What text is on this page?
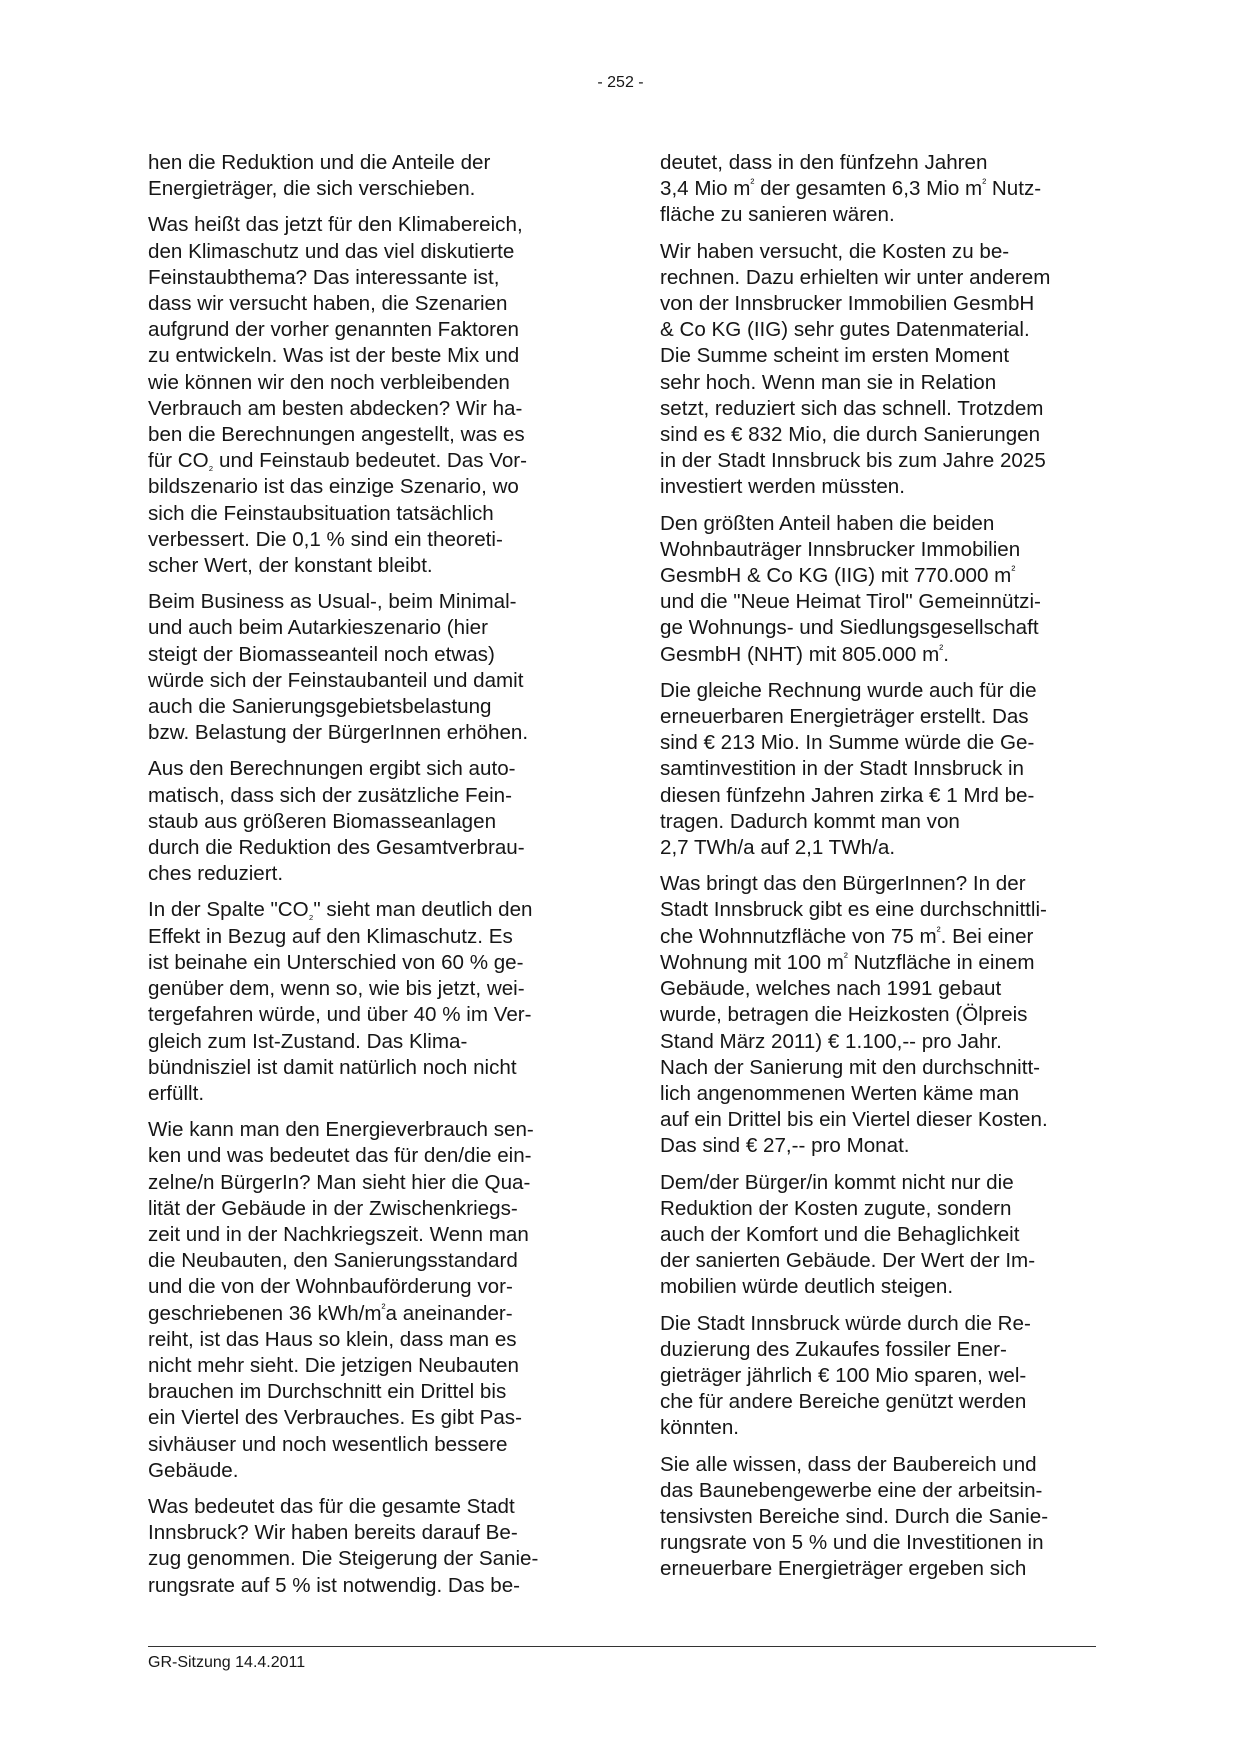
- 252 -

hen die Reduktion und die Anteile der
Energieträger, die sich verschieben.

Was heißt das jetzt für den Klimabereich,
den Klimaschutz und das viel diskutierte
Feinstaubthema? Das interessante ist,
dass wir versucht haben, die Szenarien
aufgrund der vorher genannten Faktoren
zu entwickeln. Was ist der beste Mix und
wie können wir den noch verbleibenden
Verbrauch am besten abdecken? Wir ha-
ben die Berechnungen angestellt, was es
für $CO_{_2}$ und Feinstaub bedeutet. Das Vor-
bildszenario ist das einzige Szenario, wo
sich die Feinstaubsituation tatsächlich
verbessert. Die 0,1 % sind ein theoreti-
scher Wert, der konstant bleibt.

Beim Business as Usual-, beim Minimal-
und auch beim Autarkieszenario (hier
steigt der Biomasseanteil noch etwas)
würde sich der Feinstaubanteil und damit
auch die Sanierungsgebietsbelastung
bzw. Belastung der BürgerInnen erhöhen.

Aus den Berechnungen ergibt sich auto-
matisch, dass sich der zusätzliche Fein-
staub aus größeren Biomasseanlagen
durch die Reduktion des Gesamtverbrau-
ches reduziert.

In der Spalte "$CO_{_2}$" sieht man deutlich den
Effekt in Bezug auf den Klimaschutz. Es
ist beinahe ein Unterschied von 60 % ge-
genüber dem, wenn so, wie bis jetzt, wei-
tergefahren würde, und über 40 % im Ver-
gleich zum Ist-Zustand. Das Klima-
bündnisziel ist damit natürlich noch nicht
erfüllt.

Wie kann man den Energieverbrauch sen-
ken und was bedeutet das für den/die ein-
zelne/n BürgerIn? Man sieht hier die Qua-
lität der Gebäude in der Zwischenkriegs-
zeit und in der Nachkriegszeit. Wenn man
die Neubauten, den Sanierungsstandard
und die von der Wohnbauförderung vor-
geschriebenen 36 kWh/$m^{^2}a$ aneinander-
reiht, ist das Haus so klein, dass man es
nicht mehr sieht. Die jetzigen Neubauten
brauchen im Durchschnitt ein Drittel bis
ein Viertel des Verbrauches. Es gibt Pas-
sivhäuser und noch wesentlich bessere
Gebäude.

Was bedeutet das für die gesamte Stadt
Innsbruck? Wir haben bereits darauf Be-
zug genommen. Die Steigerung der Sanie-
rungsrate auf 5 % ist notwendig. Das be-

deutet, dass in den fünfzehn Jahren
3,4 Mio $m^{^2}$ der gesamten 6,3 Mio $m^{^2}$ Nutz-
fläche zu sanieren wären.

Wir haben versucht, die Kosten zu be-
rechnen. Dazu erhielten wir unter anderem
von der Innsbrucker Immobilien GesmbH
& Co KG (IIG) sehr gutes Datenmaterial.
Die Summe scheint im ersten Moment
sehr hoch. Wenn man sie in Relation
setzt, reduziert sich das schnell. Trotzdem
sind es € 832 Mio, die durch Sanierungen
in der Stadt Innsbruck bis zum Jahre 2025
investiert werden müssten.

Den größten Anteil haben die beiden
Wohnbauträger Innsbrucker Immobilien
GesmbH & Co KG (IIG) mit 770.000 $m^{^2}$
und die "Neue Heimat Tirol" Gemeinnützi-
ge Wohnungs- und Siedlungsgesellschaft
GesmbH (NHT) mit 805.000 $m^{^2}$.

Die gleiche Rechnung wurde auch für die
erneuerbaren Energieträger erstellt. Das
sind € 213 Mio. In Summe würde die Ge-
samtinvestition in der Stadt Innsbruck in
diesen fünfzehn Jahren zirka € 1 Mrd be-
tragen. Dadurch kommt man von
2,7 TWh/a auf 2,1 TWh/a.

Was bringt das den BürgerInnen? In der
Stadt Innsbruck gibt es eine durchschnittli-
che Wohnnutzfläche von 75 $m^{^2}$. Bei einer
Wohnung mit 100 $m^{^2}$ Nutzfläche in einem
Gebäude, welches nach 1991 gebaut
wurde, betragen die Heizkosten (Ölpreis
Stand März 2011) € 1.100,-- pro Jahr.
Nach der Sanierung mit den durchschnitt-
lich angenommenen Werten käme man
auf ein Drittel bis ein Viertel dieser Kosten.
Das sind € 27,-- pro Monat.

Dem/der Bürger/in kommt nicht nur die
Reduktion der Kosten zugute, sondern
auch der Komfort und die Behaglichkeit
der sanierten Gebäude. Der Wert der Im-
mobilien würde deutlich steigen.

Die Stadt Innsbruck würde durch die Re-
duzierung des Zukaufes fossiler Ener-
gieträger jährlich € 100 Mio sparen, wel-
che für andere Bereiche genützt werden
könnten.

Sie alle wissen, dass der Baubereich und
das Baunebengewerbe eine der arbeitsin-
tensivsten Bereiche sind. Durch die Sanie-
rungsrate von 5 % und die Investitionen in
erneuerbare Energieträger ergeben sich

GR-Sitzung 14.4.2011
